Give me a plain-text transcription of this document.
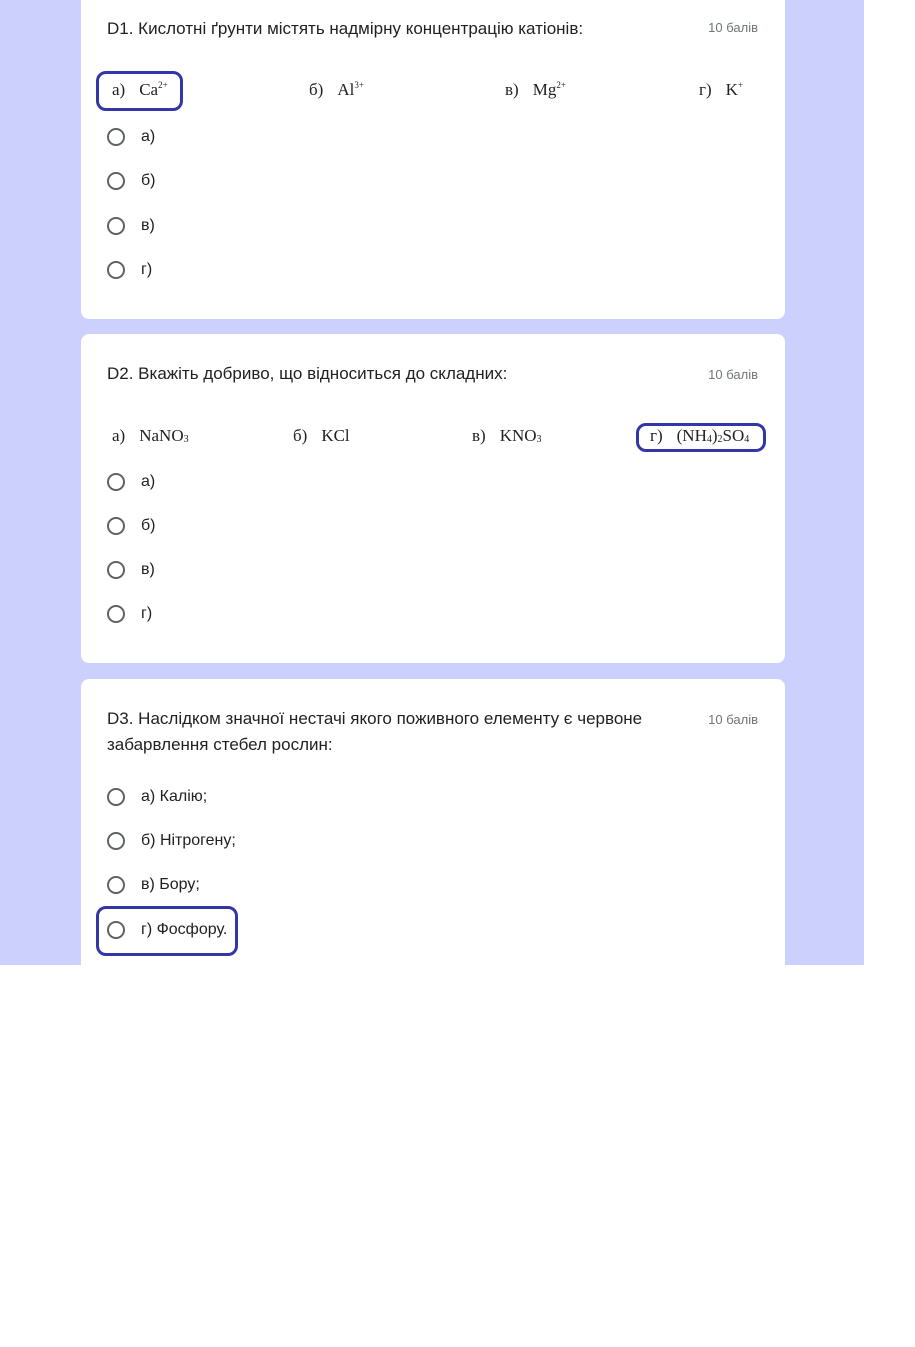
D1. Кислотні ґрунти містять надмірну концентрацію катіонів:	10 балів
а) $Ca^{2+}$	б) $Al^{3+}$	в) $Mg^{2+}$	г) K+
а)
б)
в)
г)
D2. Вкажіть добриво, що відноситься до складних:	10 балів
а) NaNO$_3$	б) KCl	в) $KNO_3$	г) $(NH_4)_2SO_4$
а)
б)
в)
г)
D3. Наслідком значної нестачі якого поживного елементу є червоне забарвлення стебел рослин:
10 балів
а) Калію;
б) Нітрогену;
в) Бору;
г) Фосфору.
